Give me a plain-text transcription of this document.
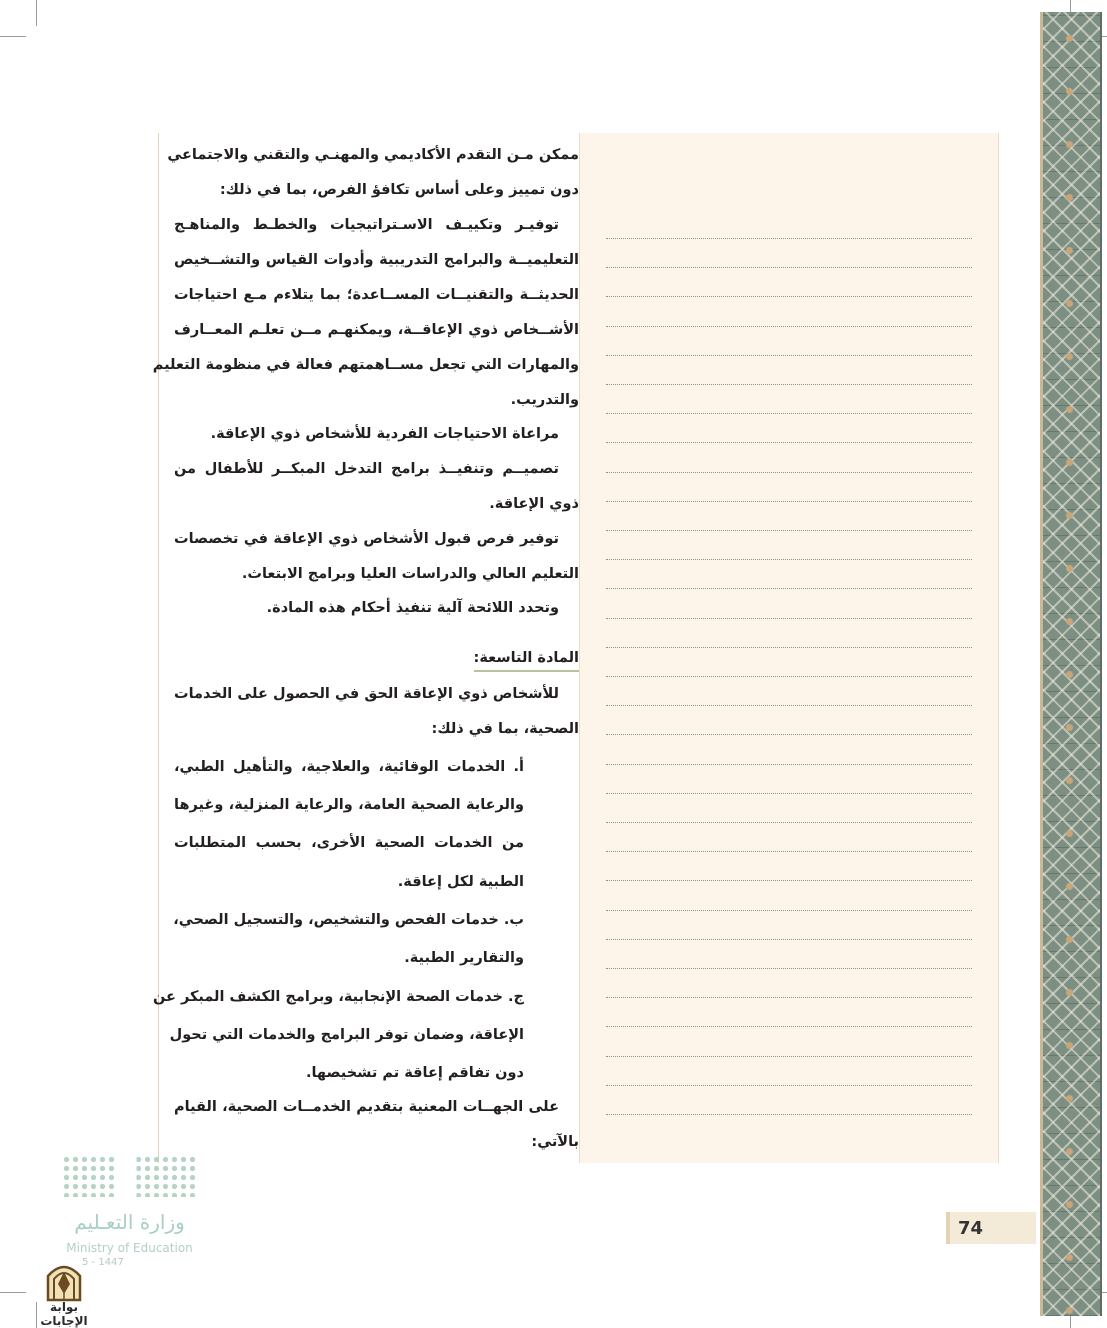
ممكن مـن التقدم الأكاديمي والمهنـي والتقني والاجتماعي
دون تمييز وعلى أساس تكافؤ الفرص، بما في ذلك:
توفيـر وتكييـف الاسـتراتيجيات والخطـط والمناهـج
التعليميــة والبرامج التدريبية وأدوات القياس والتشــخيص
الحديثــة والتقنيــات المســاعدة؛ بما يتلاءم مـع احتياجات
الأشــخاص ذوي الإعاقــة، ويمكنهـم مــن تعلـم المعــارف
والمهارات التي تجعل مســاهمتهم فعالة في منظومة التعليم
والتدريب.
مراعاة الاحتياجات الفردية للأشخاص ذوي الإعاقة.
تصميــم وتنفيــذ برامج التدخل المبكــر للأطفال من
ذوي الإعاقة.
توفير فرص قبول الأشخاص ذوي الإعاقة في تخصصات
التعليم العالي والدراسات العليا وبرامج الابتعاث.
وتحدد اللائحة آلية تنفيذ أحكام هذه المادة.
المادة التاسعة:
للأشخاص ذوي الإعاقة الحق في الحصول على الخدمات
الصحية، بما في ذلك:
أ. الخدمات الوقائية، والعلاجية، والتأهيل الطبي،
والرعاية الصحية العامة، والرعاية المنزلية، وغيرها
من الخدمات الصحية الأخرى، بحسب المتطلبات
الطبية لكل إعاقة.
ب. خدمات الفحص والتشخيص، والتسجيل الصحي،
والتقارير الطبية.
ج. خدمات الصحة الإنجابية، وبرامج الكشف المبكر عن
الإعاقة، وضمان توفر البرامج والخدمات التي تحول
دون تفاقم إعاقة تم تشخيصها.
على الجهــات المعنية بتقديم الخدمــات الصحية، القيام
بالآتي:
74
وزارة التعـليم
Ministry of Education
5 - 1447
بوابة الإجابات
